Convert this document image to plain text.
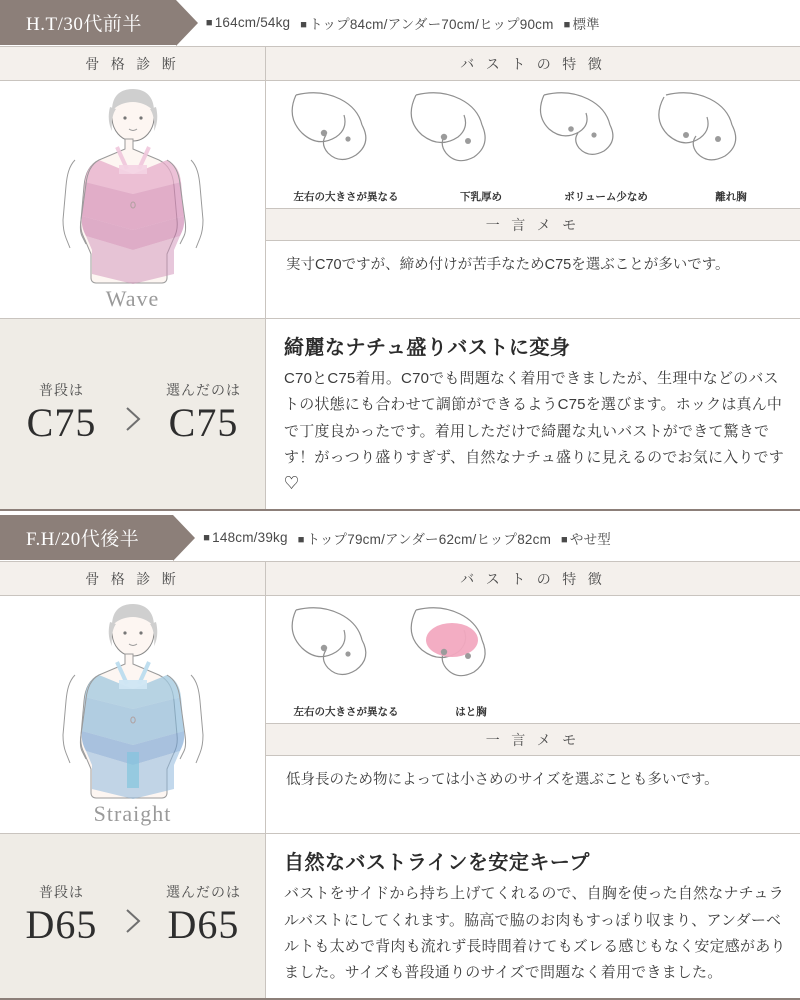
H.T/30代前半	■ 164cm/54kg	■ トップ84cm/アンダー70cm/ヒップ90cm	■ 標準
骨 格 診 断
Wave
バ ス ト の 特 徴
左右の大きさが異なる	下乳厚め	ボリューム少なめ	離れ胸
一 言 メ モ
実寸C70ですが、締め付けが苦手なためC75を選ぶことが多いです。
普段は
C75
選んだのは
C75
綺麗なナチュ盛りバストに変身
C70とC75着用。C70でも問題なく着用できましたが、生理中などのバストの状態にも合わせて調節ができるようC75を選びます。ホックは真ん中で丁度良かったです。着用しただけで綺麗な丸いバストができて驚きです！がっつり盛りすぎず、自然なナチュ盛りに見えるのでお気に入りです♡
F.H/20代後半	■ 148cm/39kg	■ トップ79cm/アンダー62cm/ヒップ82cm	■ やせ型
骨 格 診 断
Straight
バ ス ト の 特 徴
左右の大きさが異なる	はと胸
一 言 メ モ
低身長のため物によっては小さめのサイズを選ぶことも多いです。
普段は
D65
選んだのは
D65
自然なバストラインを安定キープ
バストをサイドから持ち上げてくれるので、自胸を使った自然なナチュラルバストにしてくれます。脇高で脇のお肉もすっぽり収まり、アンダーベルトも太めで背肉も流れず長時間着けてもズレる感じもなく安定感がありました。サイズも普段通りのサイズで問題なく着用できました。
